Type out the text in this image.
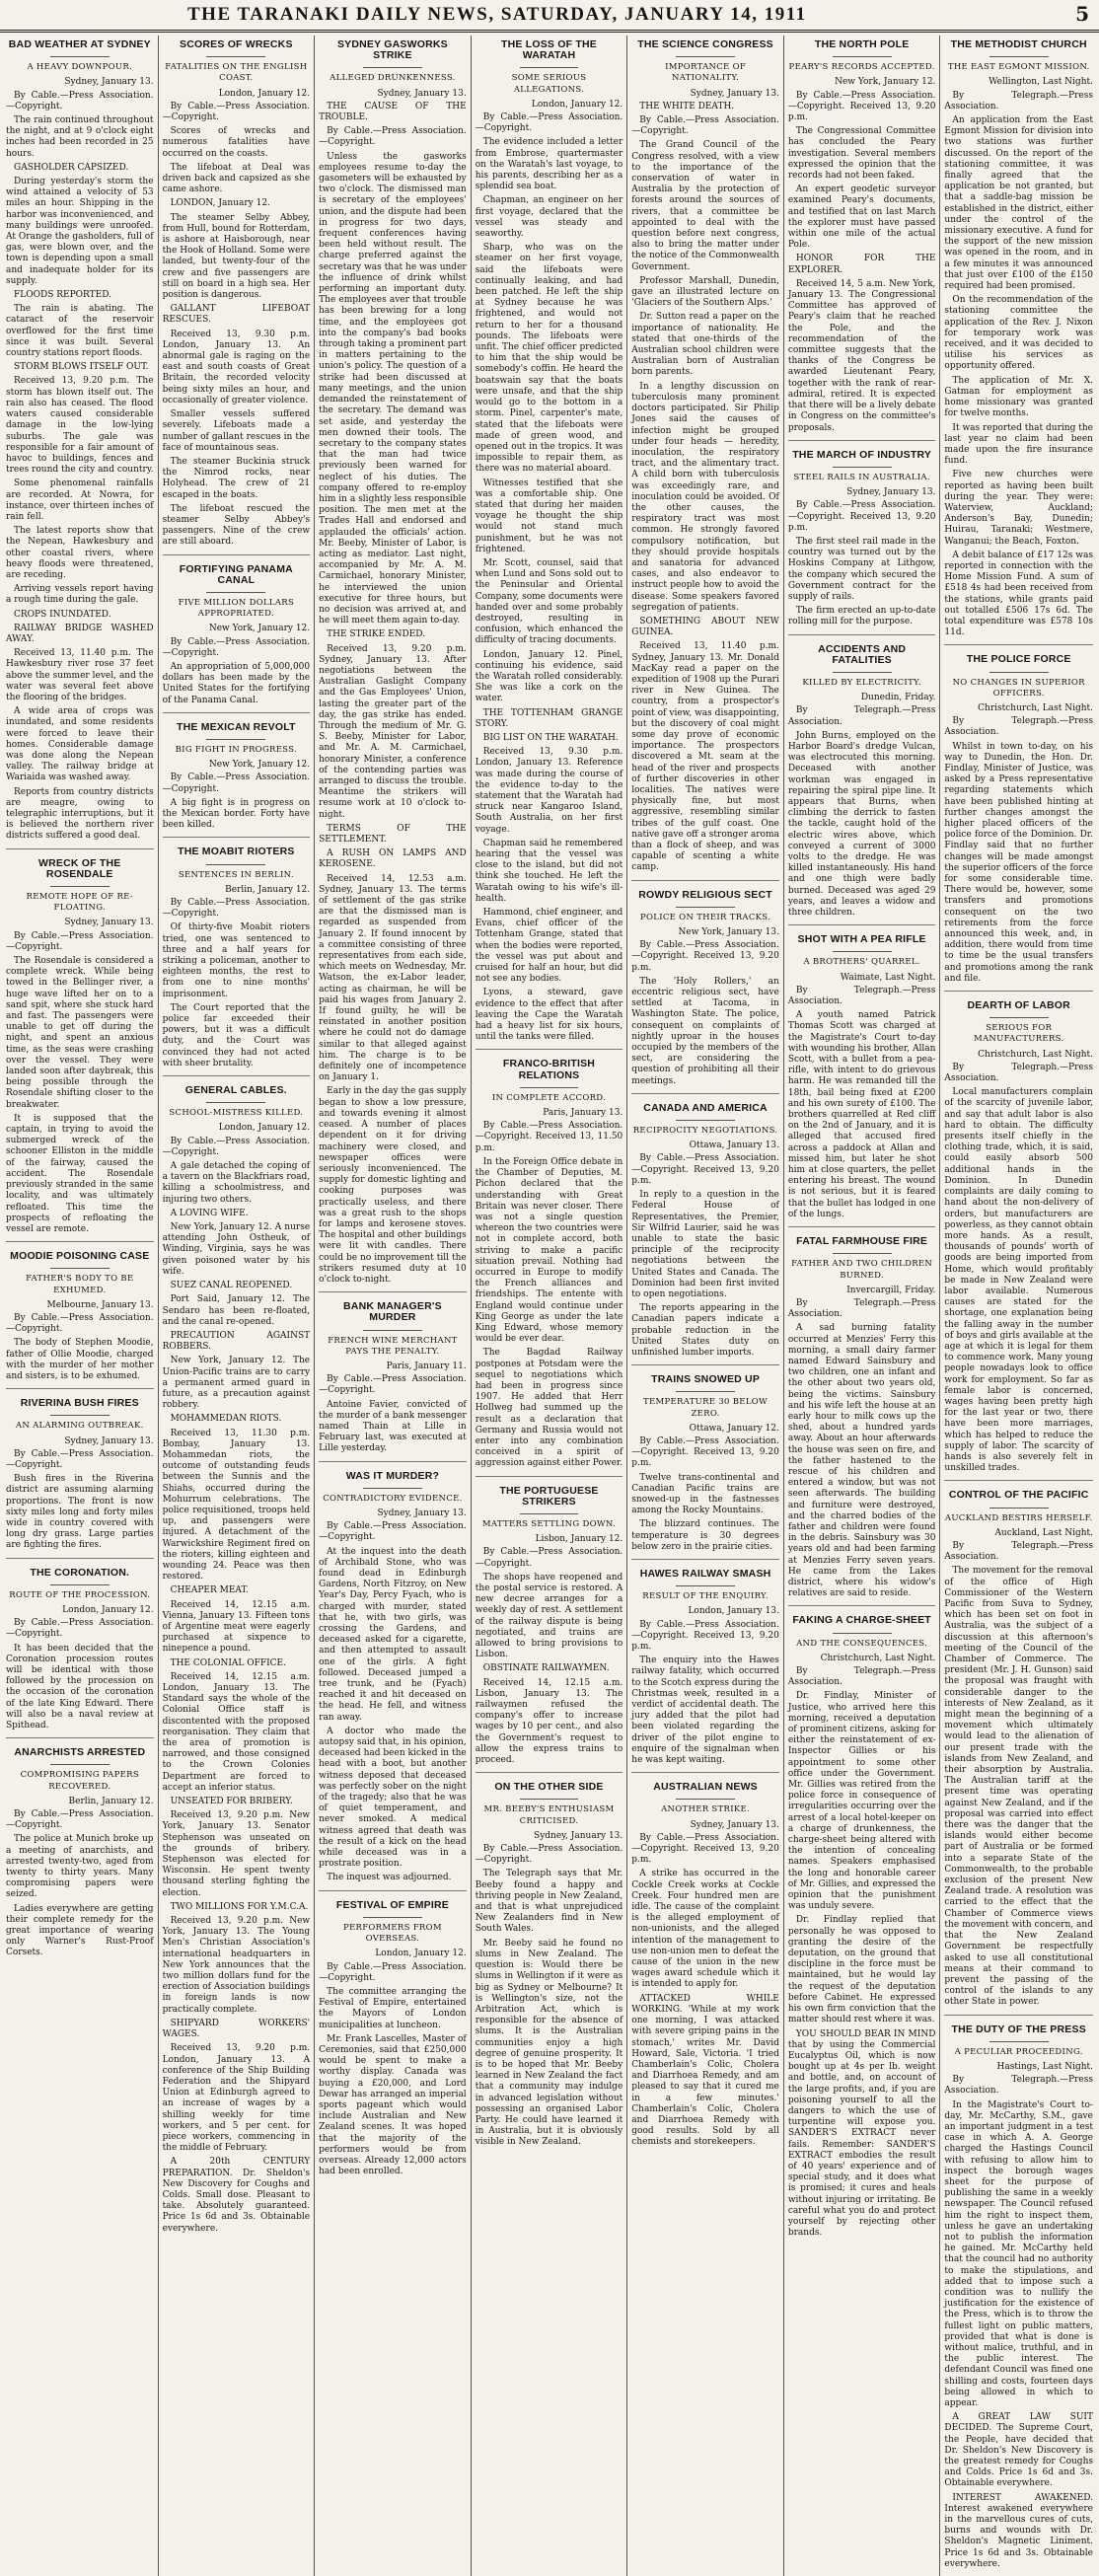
THE TARANAKI DAILY NEWS, SATURDAY, JANUARY 14, 1911	5
BAD WEATHER AT SYDNEY
A HEAVY DOWNPOUR.
Sydney, January 13.

By Cable.—Press Association.—Copyright.

The rain continued throughout the night, and at 9 o'clock eight inches had been recorded in 25 hours.

GASHOLDER CAPSIZED.

During yesterday's storm the wind attained a velocity of 53 miles an hour. Shipping in the harbor was inconvenienced, and many buildings were unroofed. At Orange the gasholders, full of gas, were blown over, and the town is depending upon a small and inadequate holder for its supply.

FLOODS REPORTED.

The rain is abating. The cataract of the reservoir overflowed for the first time since it was built. Several country stations report floods.

STORM BLOWS ITSELF OUT.

Received 13, 9.20 p.m. The storm has blown itself out. The rain also has ceased. The flood waters caused considerable damage in the low-lying suburbs. The gale was responsible for a fair amount of havoc to buildings, fences and trees round the city and country.

Some phenomenal rainfalls are recorded. At Nowra, for instance, over thirteen inches of rain fell.

The latest reports show that the Nepean, Hawkesbury and other coastal rivers, where heavy floods were threatened, are receding.

Arriving vessels report having a rough time during the gale.

CROPS INUNDATED.

RAILWAY BRIDGE WASHED AWAY.

Received 13, 11.40 p.m. The Hawkesbury river rose 37 feet above the summer level, and the water was several feet above the flooring of the bridges.

A wide area of crops was inundated, and some residents were forced to leave their homes. Considerable damage was done along the Nepean valley. The railway bridge at Wariaida was washed away.

Reports from country districts are meagre, owing to telegraphic interruptions, but it is believed the northern river districts suffered a good deal.

WRECK OF THE ROSENDALE
REMOTE HOPE OF RE-FLOATING.
Sydney, January 13.

By Cable.—Press Association.—Copyright.

The Rosendale is considered a complete wreck. While being towed in the Bellinger river, a huge wave lifted her on to a sand spit, where she stuck hard and fast. The passengers were unable to get off during the night, and spent an anxious time, as the seas were crashing over the vessel. They were landed soon after daybreak, this being possible through the Rosendale shifting closer to the breakwater.

It is supposed that the captain, in trying to avoid the submerged wreck of the schooner Elliston in the middle of the fairway, caused the accident. The Rosendale previously stranded in the same locality, and was ultimately refloated. This time the prospects of refloating the vessel are remote.

MOODIE POISONING CASE
FATHER'S BODY TO BE EXHUMED.
Melbourne, January 13.

By Cable.—Press Association.—Copyright.

The body of Stephen Moodie, father of Ollie Moodie, charged with the murder of her mother and sisters, is to be exhumed.

RIVERINA BUSH FIRES
AN ALARMING OUTBREAK.
Sydney, January 13.

By Cable.—Press Association.—Copyright.

Bush fires in the Riverina district are assuming alarming proportions. The front is now sixty miles long and forty miles wide in country covered with long dry grass. Large parties are fighting the fires.

THE CORONATION.
ROUTE OF THE PROCESSION.
London, January 12.

By Cable.—Press Association.—Copyright.

It has been decided that the Coronation procession routes will be identical with those followed by the procession on the occasion of the coronation of the late King Edward. There will also be a naval review at Spithead.

ANARCHISTS ARRESTED
COMPROMISING PAPERS RECOVERED.
Berlin, January 12.

By Cable.—Press Association.—Copyright.

The police at Munich broke up a meeting of anarchists, and arrested twenty-two, aged from twenty to thirty years. Many compromising papers were seized.

Ladies everywhere are getting their complete remedy for the great importance of wearing only Warner's Rust-Proof Corsets.

SCORES OF WRECKS
FATALITIES ON THE ENGLISH COAST.
London, January 12.

By Cable.—Press Association.—Copyright.

Scores of wrecks and numerous fatalities have occurred on the coasts.

The lifeboat at Deal was driven back and capsized as she came ashore.

LONDON, January 12.

The steamer Selby Abbey, from Hull, bound for Rotterdam, is ashore at Haisborough, near the Hook of Holland. Some were landed, but twenty-four of the crew and five passengers are still on board in a high sea. Her position is dangerous.

GALLANT LIFEBOAT RESCUES.

Received 13, 9.30 p.m. London, January 13. An abnormal gale is raging on the east and south coasts of Great Britain, the recorded velocity being sixty miles an hour, and occasionally of greater violence.

Smaller vessels suffered severely. Lifeboats made a number of gallant rescues in the face of mountainous seas.

The steamer Buckinia struck the Nimrod rocks, near Holyhead. The crew of 21 escaped in the boats.

The lifeboat rescued the steamer Selby Abbey's passengers. Nine of the crew are still aboard.

FORTIFYING PANAMA CANAL
FIVE MILLION DOLLARS APPROPRIATED.
New York, January 12.

By Cable.—Press Association.—Copyright.

An appropriation of 5,000,000 dollars has been made by the United States for the fortifying of the Panama Canal.

THE MEXICAN REVOLT
BIG FIGHT IN PROGRESS.
New York, January 12.

By Cable.—Press Association.—Copyright.

A big fight is in progress on the Mexican border. Forty have been killed.

THE MOABIT RIOTERS
SENTENCES IN BERLIN.
Berlin, January 12.

By Cable.—Press Association.—Copyright.

Of thirty-five Moabit rioters tried, one was sentenced to three and a half years for striking a policeman, another to eighteen months, the rest to from one to nine months' imprisonment.

The Court reported that the police far exceeded their powers, but it was a difficult duty, and the Court was convinced they had not acted with sheer brutality.

GENERAL CABLES.
SCHOOL-MISTRESS KILLED.
London, January 12.

By Cable.—Press Association.—Copyright.

A gale detached the coping of a tavern on the Blackfriars road, killing a schoolmistress, and injuring two others.

A LOVING WIFE.

New York, January 12. A nurse attending John Ostheuk, of Winding, Virginia, says he was given poisoned water by his wife.

SUEZ CANAL REOPENED.

Port Said, January 12. The Sendaro has been re-floated, and the canal re-opened.

PRECAUTION AGAINST ROBBERS.

New York, January 12. The Union-Pacific trains are to carry a permanent armed guard in future, as a precaution against robbery.

MOHAMMEDAN RIOTS.

Received 13, 11.30 p.m. Bombay, January 13. Mohammedan riots, the outcome of outstanding feuds between the Sunnis and the Shiahs, occurred during the Mohurrum celebrations. The police requisitioned, troops held up, and passengers were injured. A detachment of the Warwickshire Regiment fired on the rioters, killing eighteen and wounding 24. Peace was then restored.

CHEAPER MEAT.

Received 14, 12.15 a.m. Vienna, January 13. Fifteen tons of Argentine meat were eagerly purchased at sixpence to ninepence a pound.

THE COLONIAL OFFICE.

Received 14, 12.15 a.m. London, January 13. The Standard says the whole of the Colonial Office staff is discontented with the proposed reorganisation. They claim that the area of promotion is narrowed, and those consigned to the Crown Colonies Department are forced to accept an inferior status.

UNSEATED FOR BRIBERY.

Received 13, 9.20 p.m. New York, January 13. Senator Stephenson was unseated on the grounds of bribery. Stephenson was elected for Wisconsin. He spent twenty thousand sterling fighting the election.

TWO MILLIONS FOR Y.M.C.A.

Received 13, 9.20 p.m. New York, January 13. The Young Men's Christian Association's international headquarters in New York announces that the two million dollars fund for the erection of Association buildings in foreign lands is now practically complete.

SHIPYARD WORKERS' WAGES.

Received 13, 9.20 p.m. London, January 13. A conference of the Ship Building Federation and the Shipyard Union at Edinburgh agreed to an increase of wages by a shilling weekly for time workers, and 5 per cent. for piece workers, commencing in the middle of February.

A 20th CENTURY PREPARATION. Dr. Sheldon's New Discovery for Coughs and Colds. Small dose. Pleasant to take. Absolutely guaranteed. Price 1s 6d and 3s. Obtainable everywhere.

SYDNEY GASWORKS STRIKE
ALLEGED DRUNKENNESS.
Sydney, January 13.

THE CAUSE OF THE TROUBLE.

By Cable.—Press Association.—Copyright.

Unless the gasworks employees resume to-day the gasometers will be exhausted by two o'clock. The dismissed man is secretary of the employees' union, and the dispute had been in progress for two days, frequent conferences having been held without result. The charge preferred against the secretary was that he was under the influence of drink whilst performing an important duty. The employees aver that trouble has been brewing for a long time, and the employees got into the company's bad books through taking a prominent part in matters pertaining to the union's policy. The question of a strike had been discussed at many meetings, and the union demanded the reinstatement of the secretary. The demand was set aside, and yesterday the men downed their tools. The secretary to the company states that the man had twice previously been warned for neglect of his duties. The company offered to re-employ him in a slightly less responsible position. The men met at the Trades Hall and endorsed and applauded the officials' action. Mr. Beeby, Minister of Labor, is acting as mediator. Last night, accompanied by Mr. A. M. Carmichael, honorary Minister, he interviewed the union executive for three hours, but no decision was arrived at, and he will meet them again to-day.

THE STRIKE ENDED.

Received 13, 9.20 p.m. Sydney, January 13. After negotiations between the Australian Gaslight Company and the Gas Employees' Union, lasting the greater part of the day, the gas strike has ended. Through the medium of Mr. G. S. Beeby, Minister for Labor, and Mr. A. M. Carmichael, honorary Minister, a conference of the contending parties was arranged to discuss the trouble. Meantime the strikers will resume work at 10 o'clock to-night.

TERMS OF THE SETTLEMENT.

A RUSH ON LAMPS AND KEROSENE.

Received 14, 12.53 a.m. Sydney, January 13. The terms of settlement of the gas strike are that the dismissed man is regarded as suspended from January 2. If found innocent by a committee consisting of three representatives from each side, which meets on Wednesday, Mr. Watson, the ex-Labor leader, acting as chairman, he will be paid his wages from January 2. If found guilty, he will be reinstated in another position where he could not do damage similar to that alleged against him. The charge is to be definitely one of incompetence on January 1.

Early in the day the gas supply began to show a low pressure, and towards evening it almost ceased. A number of places dependent on it for driving machinery were closed, and newspaper offices were seriously inconvenienced. The supply for domestic lighting and cooking purposes was practically useless, and there was a great rush to the shops for lamps and kerosene stoves. The hospital and other buildings were lit with candles. There could be no improvement till the strikers resumed duty at 10 o'clock to-night.

BANK MANAGER'S MURDER
FRENCH WINE MERCHANT PAYS THE PENALTY.
Paris, January 11.

By Cable.—Press Association.—Copyright.

Antoine Favier, convicted of the murder of a bank messenger named Thain at Lille in February last, was executed at Lille yesterday.

WAS IT MURDER?
CONTRADICTORY EVIDENCE.
Sydney, January 13.

By Cable.—Press Association.—Copyright.

At the inquest into the death of Archibald Stone, who was found dead in Edinburgh Gardens, North Fitzroy, on New Year's Day, Percy Fyach, who is charged with murder, stated that he, with two girls, was crossing the Gardens, and deceased asked for a cigarette, and then attempted to assault one of the girls. A fight followed. Deceased jumped a tree trunk, and he (Fyach) reached it and hit deceased on the head. He fell, and witness ran away.

A doctor who made the autopsy said that, in his opinion, deceased had been kicked in the head with a boot, but another witness deposed that deceased was perfectly sober on the night of the tragedy; also that he was of quiet temperament, and never smoked. A medical witness agreed that death was the result of a kick on the head while deceased was in a prostrate position.

The inquest was adjourned.

FESTIVAL OF EMPIRE
PERFORMERS FROM OVERSEAS.
London, January 12.

By Cable.—Press Association.—Copyright.

The committee arranging the Festival of Empire, entertained the Mayors of London municipalities at luncheon.

Mr. Frank Lascelles, Master of Ceremonies, said that £250,000 would be spent to make a worthy display. Canada was buying a £20,000, and Lord Dewar has arranged an imperial sports pageant which would include Australian and New Zealand scenes. It was hoped that the majority of the performers would be from overseas. Already 12,000 actors had been enrolled.

THE LOSS OF THE WARATAH
SOME SERIOUS ALLEGATIONS.
London, January 12.

By Cable.—Press Association.—Copyright.

The evidence included a letter from Embrose, quartermaster on the Waratah's last voyage, to his parents, describing her as a splendid sea boat.

Chapman, an engineer on her first voyage, declared that the vessel was steady and seaworthy.

Sharp, who was on the steamer on her first voyage, said the lifeboats were continually leaking, and had been patched. He left the ship at Sydney because he was frightened, and would not return to her for a thousand pounds. The lifeboats were unfit. The chief officer predicted to him that the ship would be somebody's coffin. He heard the boatswain say that the boats were unsafe, and that the ship would go to the bottom in a storm. Pinel, carpenter's mate, stated that the lifeboats were made of green wood, and opened out in the tropics. It was impossible to repair them, as there was no material aboard.

Witnesses testified that she was a comfortable ship. One stated that during her maiden voyage he thought the ship would not stand much punishment, but he was not frightened.

Mr. Scott, counsel, said that when Lund and Sons sold out to the Peninsular and Oriental Company, some documents were handed over and some probably destroyed, resulting in confusion, which enhanced the difficulty of tracing documents.

London, January 12. Pinel, continuing his evidence, said the Waratah rolled considerably. She was like a cork on the water.

THE TOTTENHAM GRANGE STORY.

BIG LIST ON THE WARATAH.

Received 13, 9.30 p.m. London, January 13. Reference was made during the course of the evidence to-day to the statement that the Waratah had struck near Kangaroo Island, South Australia, on her first voyage.

Chapman said he remembered hearing that the vessel was close to the island, but did not think she touched. He left the Waratah owing to his wife's ill-health.

Hammond, chief engineer, and Evans, chief officer of the Tottenham Grange, stated that when the bodies were reported, the vessel was put about and cruised for half an hour, but did not see any bodies.

Lyons, a steward, gave evidence to the effect that after leaving the Cape the Waratah had a heavy list for six hours, until the tanks were filled.

FRANCO-BRITISH RELATIONS
IN COMPLETE ACCORD.
Paris, January 13.

By Cable.—Press Association.—Copyright. Received 13, 11.50 p.m.

In the Foreign Office debate in the Chamber of Deputies, M. Pichon declared that the understanding with Great Britain was never closer. There was not a single question whereon the two countries were not in complete accord, both striving to make a pacific situation prevail. Nothing had occurred in Europe to modify the French alliances and friendships. The entente with England would continue under King George as under the late King Edward, whose memory would be ever dear.

The Bagdad Railway postpones at Potsdam were the sequel to negotiations which had been in progress since 1907. He added that Herr Hollweg had summed up the result as a declaration that Germany and Russia would not enter into any combination conceived in a spirit of aggression against either Power.

THE PORTUGUESE STRIKERS
MATTERS SETTLING DOWN.
Lisbon, January 12.

By Cable.—Press Association.—Copyright.

The shops have reopened and the postal service is restored. A new decree arranges for a weekly day of rest. A settlement of the railway dispute is being negotiated, and trains are allowed to bring provisions to Lisbon.

OBSTINATE RAILWAYMEN.

Received 14, 12.15 a.m. Lisbon, January 13. The railwaymen refused the company's offer to increase wages by 10 per cent., and also the Government's request to allow the express trains to proceed.

ON THE OTHER SIDE
MR. BEEBY'S ENTHUSIASM CRITICISED.
Sydney, January 13.

By Cable.—Press Association.—Copyright.

The Telegraph says that Mr. Beeby found a happy and thriving people in New Zealand, and that is what unprejudiced New Zealanders find in New South Wales.

Mr. Beeby said he found no slums in New Zealand. The question is: Would there be slums in Wellington if it were as big as Sydney or Melbourne? It is Wellington's size, not the Arbitration Act, which is responsible for the absence of slums. It is the Australian communities enjoy a high degree of genuine prosperity. It is to be hoped that Mr. Beeby learned in New Zealand the fact that a community may indulge in advanced legislation without possessing an organised Labor Party. He could have learned it in Australia, but it is obviously visible in New Zealand.

THE SCIENCE CONGRESS
IMPORTANCE OF NATIONALITY.
Sydney, January 13.

THE WHITE DEATH.

By Cable.—Press Association.—Copyright.

The Grand Council of the Congress resolved, with a view to the importance of the conservation of water in Australia by the protection of forests around the sources of rivers, that a committee be appointed to deal with the question before next congress, also to bring the matter under the notice of the Commonwealth Government.

Professor Marshall, Dunedin, gave an illustrated lecture on 'Glaciers of the Southern Alps.'

Dr. Sutton read a paper on the importance of nationality. He stated that one-thirds of the Australian school children were Australian born of Australian born parents.

In a lengthy discussion on tuberculosis many prominent doctors participated. Sir Philip Jones said the causes of infection might be grouped under four heads — heredity, inoculation, the respiratory tract, and the alimentary tract. A child born with tuberculosis was exceedingly rare, and inoculation could be avoided. Of the other causes, the respiratory tract was most common. He strongly favored compulsory notification, but they should provide hospitals and sanatoria for advanced cases, and also endeavor to instruct people how to avoid the disease. Some speakers favored segregation of patients.

SOMETHING ABOUT NEW GUINEA.

Received 13, 11.40 p.m. Sydney, January 13. Mr. Donald MacKay read a paper on the expedition of 1908 up the Purari river in New Guinea. The country, from a prospector's point of view, was disappointing, but the discovery of coal might some day prove of economic importance. The prospectors discovered a Mt. seam at the head of the river and prospects of further discoveries in other localities. The natives were physically fine, but most aggressive, resembling similar tribes of the gulf coast. One native gave off a stronger aroma than a flock of sheep, and was capable of scenting a white camp.

ROWDY RELIGIOUS SECT
POLICE ON THEIR TRACKS.
New York, January 13.

By Cable.—Press Association.—Copyright. Received 13, 9.20 p.m.

The 'Holy Rollers,' an eccentric religious sect, have settled at Tacoma, in Washington State. The police, consequent on complaints of nightly uproar in the houses occupied by the members of the sect, are considering the question of prohibiting all their meetings.

CANADA AND AMERICA
RECIPROCITY NEGOTIATIONS.
Ottawa, January 13.

By Cable.—Press Association.—Copyright. Received 13, 9.20 p.m.

In reply to a question in the Federal House of Representatives, the Premier, Sir Wilfrid Laurier, said he was unable to state the basic principle of the reciprocity negotiations between the United States and Canada. The Dominion had been first invited to open negotiations.

The reports appearing in the Canadian papers indicate a probable reduction in the United States duty on unfinished lumber imports.

TRAINS SNOWED UP
TEMPERATURE 30 BELOW ZERO.
Ottawa, January 12.

By Cable.—Press Association.—Copyright. Received 13, 9.20 p.m.

Twelve trans-continental and Canadian Pacific trains are snowed-up in the fastnesses among the Rocky Mountains.

The blizzard continues. The temperature is 30 degrees below zero in the prairie cities.

HAWES RAILWAY SMASH
RESULT OF THE ENQUIRY.
London, January 13.

By Cable.—Press Association.—Copyright. Received 13, 9.20 p.m.

The enquiry into the Hawes railway fatality, which occurred to the Scotch express during the Christmas week, resulted in a verdict of accidental death. The jury added that the pilot had been violated regarding the driver of the pilot engine to enquire of the signalman when he was kept waiting.

AUSTRALIAN NEWS
ANOTHER STRIKE.
Sydney, January 13.

By Cable.—Press Association.—Copyright. Received 13, 9.20 p.m.

A strike has occurred in the Cockle Creek works at Cockle Creek. Four hundred men are idle. The cause of the complaint is the alleged employment of non-unionists, and the alleged intention of the management to use non-union men to defeat the cause of the union in the new wages award schedule which it is intended to apply for.

ATTACKED WHILE WORKING. 'While at my work one morning, I was attacked with severe griping pains in the stomach,' writes Mr. David Howard, Sale, Victoria. 'I tried Chamberlain's Colic, Cholera and Diarrhoea Remedy, and am pleased to say that it cured me in a few minutes.' Chamberlain's Colic, Cholera and Diarrhoea Remedy with good results. Sold by all chemists and storekeepers.

THE NORTH POLE
PEARY'S RECORDS ACCEPTED.
New York, January 12.

By Cable.—Press Association.—Copyright. Received 13, 9.20 p.m.

The Congressional Committee has concluded the Peary investigation. Several members expressed the opinion that the records had not been faked.

An expert geodetic surveyor examined Peary's documents, and testified that on last March the explorer must have passed within one mile of the actual Pole.

HONOR FOR THE EXPLORER.

Received 14, 5 a.m. New York, January 13. The Congressional Committee has approved of Peary's claim that he reached the Pole, and the recommendation of the committee suggests that the thanks of the Congress be awarded Lieutenant Peary, together with the rank of rear-admiral, retired. It is expected that there will be a lively debate in Congress on the committee's proposals.

THE MARCH OF INDUSTRY
STEEL RAILS IN AUSTRALIA.
Sydney, January 13.

By Cable.—Press Association.—Copyright. Received 13, 9.20 p.m.

The first steel rail made in the country was turned out by the Hoskins Company at Lithgow, the company which secured the Government contract for the supply of rails.

The firm erected an up-to-date rolling mill for the purpose.

ACCIDENTS AND FATALITIES
KILLED BY ELECTRICITY.
Dunedin, Friday.

By Telegraph.—Press Association.

John Burns, employed on the Harbor Board's dredge Vulcan, was electrocuted this morning. Deceased with another workman was engaged in repairing the spiral pipe line. It appears that Burns, when climbing the derrick to fasten the tackle, caught hold of the electric wires above, which conveyed a current of 3000 volts to the dredge. He was killed instantaneously. His hand and one thigh were badly burned. Deceased was aged 29 years, and leaves a widow and three children.

SHOT WITH A PEA RIFLE
A BROTHERS' QUARREL.
Waimate, Last Night.

By Telegraph.—Press Association.

A youth named Patrick Thomas Scott was charged at the Magistrate's Court to-day with wounding his brother, Allan Scott, with a bullet from a pea-rifle, with intent to do grievous harm. He was remanded till the 18th, bail being fixed at £200 and his own surety of £100. The brothers quarrelled at Red cliff on the 2nd of January, and it is alleged that accused fired across a paddock at Allan and missed him, but later he shot him at close quarters, the pellet entering his breast. The wound is not serious, but it is feared that the bullet has lodged in one of the lungs.

FATAL FARMHOUSE FIRE
FATHER AND TWO CHILDREN BURNED.
Invercargill, Friday.

By Telegraph.—Press Association.

A sad burning fatality occurred at Menzies' Ferry this morning, a small dairy farmer named Edward Sainsbury and two children, one an infant and the other about two years old, being the victims. Sainsbury and his wife left the house at an early hour to milk cows up the shed, about a hundred yards away. About an hour afterwards the house was seen on fire, and the father hastened to the rescue of his children and entered a window, but was not seen afterwards. The building and furniture were destroyed, and the charred bodies of the father and children were found in the debris. Sainsbury was 30 years old and had been farming at Menzies Ferry seven years. He came from the Lakes district, where his widow's relatives are said to reside.

FAKING A CHARGE-SHEET
AND THE CONSEQUENCES.
Christchurch, Last Night.

By Telegraph.—Press Association.

Dr. Findlay, Minister of Justice, who arrived here this morning, received a deputation of prominent citizens, asking for either the reinstatement of ex-Inspector Gillies or his appointment to some other office under the Government. Mr. Gillies was retired from the police force in consequence of irregularities occurring over the arrest of a local hotel-keeper on a charge of drunkenness, the charge-sheet being altered with the intention of concealing names. Speakers emphasised the long and honorable career of Mr. Gillies, and expressed the opinion that the punishment was unduly severe.

Dr. Findlay replied that personally he was opposed to granting the desire of the deputation, on the ground that discipline in the force must be maintained, but he would lay the request of the deputation before Cabinet. He expressed his own firm conviction that the matter should rest where it was.

YOU SHOULD BEAR IN MIND that by using the Commercial Eucalyptus Oil, which is now bought up at 4s per lb. weight and bottle, and, on account of the large profits, and, if you are poisoning yourself to all the dangers to which the use of turpentine will expose you. SANDER'S EXTRACT never fails. Remember: SANDER'S EXTRACT embodies the result of 40 years' experience and of special study, and it does what is promised; it cures and heals without injuring or irritating. Be careful what you do and protect yourself by rejecting other brands.

THE METHODIST CHURCH
THE EAST EGMONT MISSION.
Wellington, Last Night.

By Telegraph.—Press Association.

An application from the East Egmont Mission for division into two stations was further discussed. On the report of the stationing committee, it was finally agreed that the application be not granted, but that a saddle-bag mission be established in the district, either under the control of the missionary executive. A fund for the support of the new mission was opened in the room, and in a few minutes it was announced that just over £100 of the £150 required had been promised.

On the recommendation of the stationing committee the application of the Rev. J. Nixon for temporary work was received, and it was decided to utilise his services as opportunity offered.

The application of Mr. X. Gatman for employment as home missionary was granted for twelve months.

It was reported that during the last year no claim had been made upon the fire insurance fund.

Five new churches were reported as having been built during the year. They were: Waterview, Auckland; Anderson's Bay, Dunedin; Huirau, Taranaki; Westmere, Wanganui; the Beach, Foxton.

A debit balance of £17 12s was reported in connection with the Home Mission Fund. A sum of £518 4s had been received from the stations, while grants paid out totalled £506 17s 6d. The total expenditure was £578 10s 11d.

THE POLICE FORCE
NO CHANGES IN SUPERIOR OFFICERS.
Christchurch, Last Night.

By Telegraph.—Press Association.

Whilst in town to-day, on his way to Dunedin, the Hon. Dr. Findlay, Minister of Justice, was asked by a Press representative regarding statements which have been published hinting at further changes amongst the higher placed officers of the police force of the Dominion. Dr. Findlay said that no further changes will be made amongst the superior officers of the force for some considerable time. There would be, however, some transfers and promotions consequent on the two retirements from the force announced this week, and, in addition, there would from time to time be the usual transfers and promotions among the rank and file.

DEARTH OF LABOR
SERIOUS FOR MANUFACTURERS.
Christchurch, Last Night.

By Telegraph.—Press Association.

Local manufacturers complain of the scarcity of juvenile labor, and say that adult labor is also hard to obtain. The difficulty presents itself chiefly in the clothing trade, which, it is said, could easily absorb 500 additional hands in the Dominion. In Dunedin complaints are daily coming to hand about the non-delivery of orders, but manufacturers are powerless, as they cannot obtain more hands. As a result, thousands of pounds' worth of goods are being imported from Home, which would profitably be made in New Zealand were labor available. Numerous causes are stated for the shortage, one explanation being the falling away in the number of boys and girls available at the age at which it is legal for them to commence work. Many young people nowadays look to office work for employment. So far as female labor is concerned, wages having been pretty high for the last year or two, there have been more marriages, which has helped to reduce the supply of labor. The scarcity of hands is also severely felt in unskilled trades.

CONTROL OF THE PACIFIC
AUCKLAND BESTIRS HERSELF.
Auckland, Last Night.

By Telegraph.—Press Association.

The movement for the removal of the office of High Commissioner of the Western Pacific from Suva to Sydney, which has been set on foot in Australia, was the subject of a discussion at this afternoon's meeting of the Council of the Chamber of Commerce. The president (Mr. J. H. Gunson) said the proposal was fraught with considerable danger to the interests of New Zealand, as it might mean the beginning of a movement which ultimately would lead to the alienation of our present trade with the islands from New Zealand, and their absorption by Australia. The Australian tariff at the present time was operating against New Zealand, and if the proposal was carried into effect there was the danger that the islands would either become part of Australia or be formed into a separate State of the Commonwealth, to the probable exclusion of the present New Zealand trade. A resolution was carried to the effect that the Chamber of Commerce views the movement with concern, and that the New Zealand Government be respectfully asked to use all constitutional means at their command to prevent the passing of the control of the islands to any other State in power.

THE DUTY OF THE PRESS
A PECULIAR PROCEEDING.
Hastings, Last Night.

By Telegraph.—Press Association.

In the Magistrate's Court to-day, Mr. McCarthy, S.M., gave an important judgment in a test case in which A. A. George charged the Hastings Council with refusing to allow him to inspect the borough wages sheet for the purpose of publishing the same in a weekly newspaper. The Council refused him the right to inspect them, unless he gave an undertaking not to publish the information he gained. Mr. McCarthy held that the council had no authority to make the stipulations, and added that to impose such a condition was to nullify the justification for the existence of the Press, which is to throw the fullest light on public matters, provided that what is done is without malice, truthful, and in the public interest. The defendant Council was fined one shilling and costs, fourteen days being allowed in which to appear.

A GREAT LAW SUIT DECIDED. The Supreme Court, the People, have decided that Dr. Sheldon's New Discovery is the greatest remedy for Coughs and Colds. Price 1s 6d and 3s. Obtainable everywhere.

INTEREST AWAKENED. Interest awakened everywhere in the marvellous cures of cuts, burns and wounds with Dr. Sheldon's Magnetic Liniment. Price 1s 6d and 3s. Obtainable everywhere.
